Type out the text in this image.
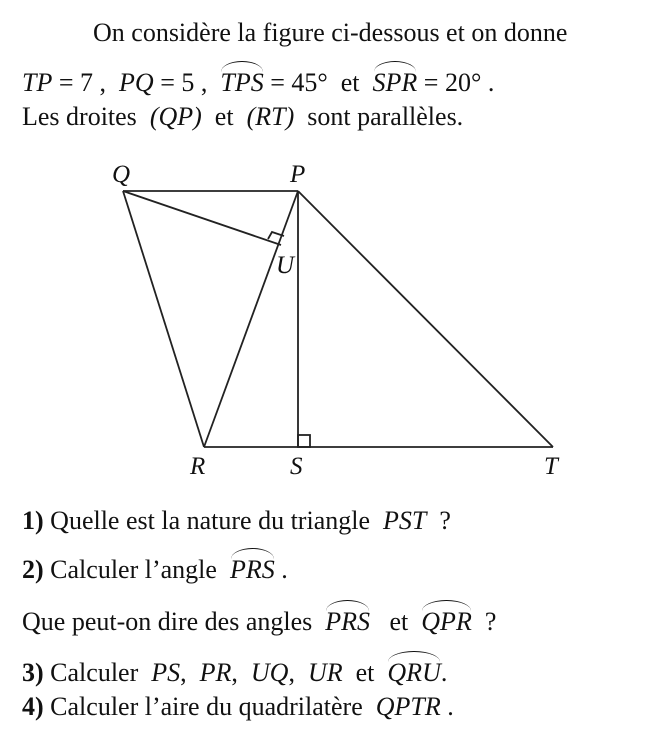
On considère la figure ci-dessous et on donne
TP = 7 , PQ = 5 , TPS = 45° et SPR = 20° .
Les droites (QP) et (RT) sont parallèles.
Q	P
U
R	S	T
1) Quelle est la nature du triangle PST ?
2) Calculer l’angle PRS .
Que peut-on dire des angles PRS et QPR ?
3) Calculer PS, PR, UQ, UR et QRU.
4) Calculer l’aire du quadrilatère QPTR .
